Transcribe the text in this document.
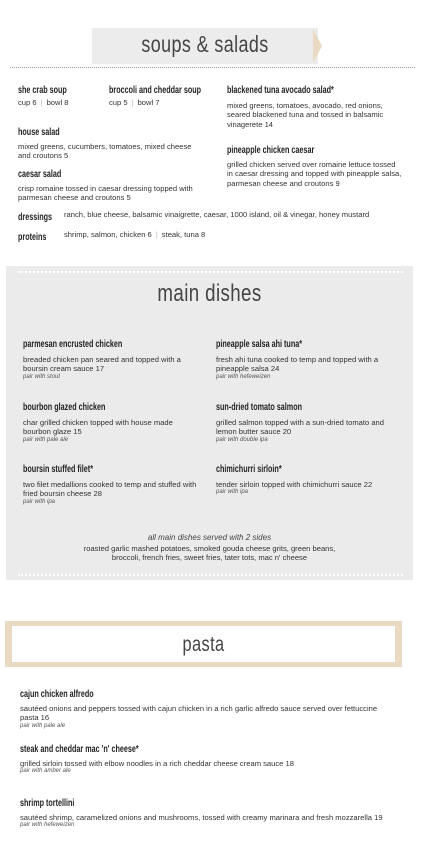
soups & salads
she crab soup
cup 6 | bowl 8
broccoli and cheddar soup
cup 5 | bowl 7
blackened tuna avocado salad*
mixed greens, tomatoes, avocado, red onions, seared blackened tuna and tossed in balsamic vinagerete 14
house salad
mixed greens, cucumbers, tomatoes, mixed cheese and croutons 5	pineapple chicken caesar
grilled chicken served over romaine lettuce tossed in caesar dressing and topped with pineapple salsa, parmesan cheese and croutons 9
caesar salad
crisp romaine tossed in caesar dressing topped with parmesan cheese and croutons 5
dressings ranch, blue cheese, balsamic vinaigrette, caesar, 1000 island, oil & vinegar, honey mustard
proteins shrimp, salmon, chicken 6 | steak, tuna 8
main dishes
parmesan encrusted chicken
breaded chicken pan seared and topped with a boursin cream sauce 17
pair with stout
pineapple salsa ahi tuna*
fresh ahi tuna cooked to temp and topped with a pineapple salsa 24
pair with hefeweizen
bourbon glazed chicken
char grilled chicken topped with house made bourbon glaze 15
pair with pale ale
sun-dried tomato salmon
grilled salmon topped with a sun-dried tomato and lemon butter sauce 20
pair with double ipa
boursin stuffed filet*
two filet medallions cooked to temp and stuffed with fried boursin cheese 28
pair with ipa
chimichurri sirloin*
tender sirloin topped with chimichurri sauce 22
pair with ipa
all main dishes served with 2 sides
roasted garlic mashed potatoes, smoked gouda cheese grits, green beans,
broccoli, french fries, sweet fries, tater tots, mac n' cheese
pasta
cajun chicken alfredo
sautéed onions and peppers tossed with cajun chicken in a rich garlic alfredo sauce served over fettuccine pasta 16
pair with pale ale
steak and cheddar mac 'n' cheese*
grilled sirloin tossed with elbow noodles in a rich cheddar cheese cream sauce 18
pair with amber ale
shrimp tortellini
sautéed shrimp, caramelized onions and mushrooms, tossed with creamy marinara and fresh mozzarella 19
pair with hefeweizen
